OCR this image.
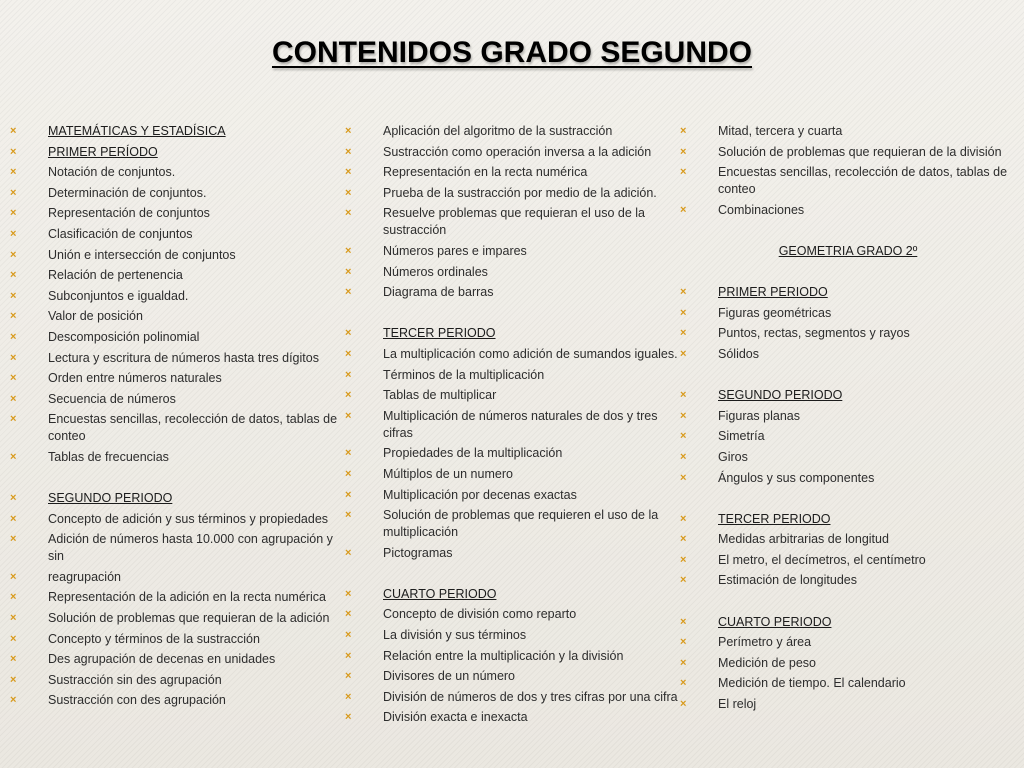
CONTENIDOS GRADO SEGUNDO
×	MATEMÁTICAS Y ESTADÍSICA
×	PRIMER PERÍODO
×	Notación de conjuntos.
×	Determinación de conjuntos.
×	Representación de conjuntos
×	Clasificación de conjuntos
×	Unión e intersección de conjuntos
×	Relación de pertenencia
×	Subconjuntos e igualdad.
×	Valor de posición
×	Descomposición polinomial
×	Lectura y escritura de números hasta tres dígitos
×	Orden entre números naturales
×	Secuencia de números
×	Encuestas sencillas, recolección de datos, tablas de conteo
×	Tablas de frecuencias
×	SEGUNDO PERIODO
×	Concepto de adición y sus términos y propiedades
×	Adición de números hasta 10.000 con agrupación y sin
×	reagrupación
×	Representación de la adición en la recta numérica
×	Solución de problemas que requieran de la adición
×	Concepto y términos de la sustracción
×	Des agrupación de decenas en unidades
×	Sustracción sin des agrupación
×	Sustracción con des agrupación
×	Aplicación del algoritmo de la sustracción
×	Sustracción como operación inversa a la adición
×	Representación en la recta numérica
×	Prueba de la sustracción por medio de la adición.
×	Resuelve problemas que requieran el uso de la sustracción
×	Números pares e impares
×	Números ordinales
×	Diagrama de barras
×	TERCER PERIODO
×	La multiplicación como adición de sumandos iguales.
×	Términos de la multiplicación
×	Tablas de multiplicar
×	Multiplicación de números naturales de dos y tres cifras
×	Propiedades de la multiplicación
×	Múltiplos de un numero
×	Multiplicación por decenas exactas
×	Solución de problemas que requieren el uso de la multiplicación
×	Pictogramas
×	CUARTO PERIODO
×	Concepto de división como reparto
×	La división y sus términos
×	Relación entre la multiplicación y la división
×	Divisores de un número
×	División de números de dos y tres cifras por una cifra
×	División exacta e inexacta
×	Mitad, tercera y cuarta
×	Solución de problemas que requieran de la división
×	Encuestas sencillas, recolección de datos, tablas de conteo
×	Combinaciones
GEOMETRIA GRADO 2º
×	PRIMER PERIODO
×	Figuras geométricas
×	Puntos, rectas, segmentos y rayos
×	Sólidos
×	SEGUNDO PERIODO
×	Figuras planas
×	Simetría
×	Giros
×	Ángulos y sus componentes
×	TERCER PERIODO
×	Medidas arbitrarias de longitud
×	El metro, el decímetros, el centímetro
×	Estimación de longitudes
×	CUARTO PERIODO
×	Perímetro y área
×	Medición de peso
×	Medición de tiempo. El calendario
×	El reloj
